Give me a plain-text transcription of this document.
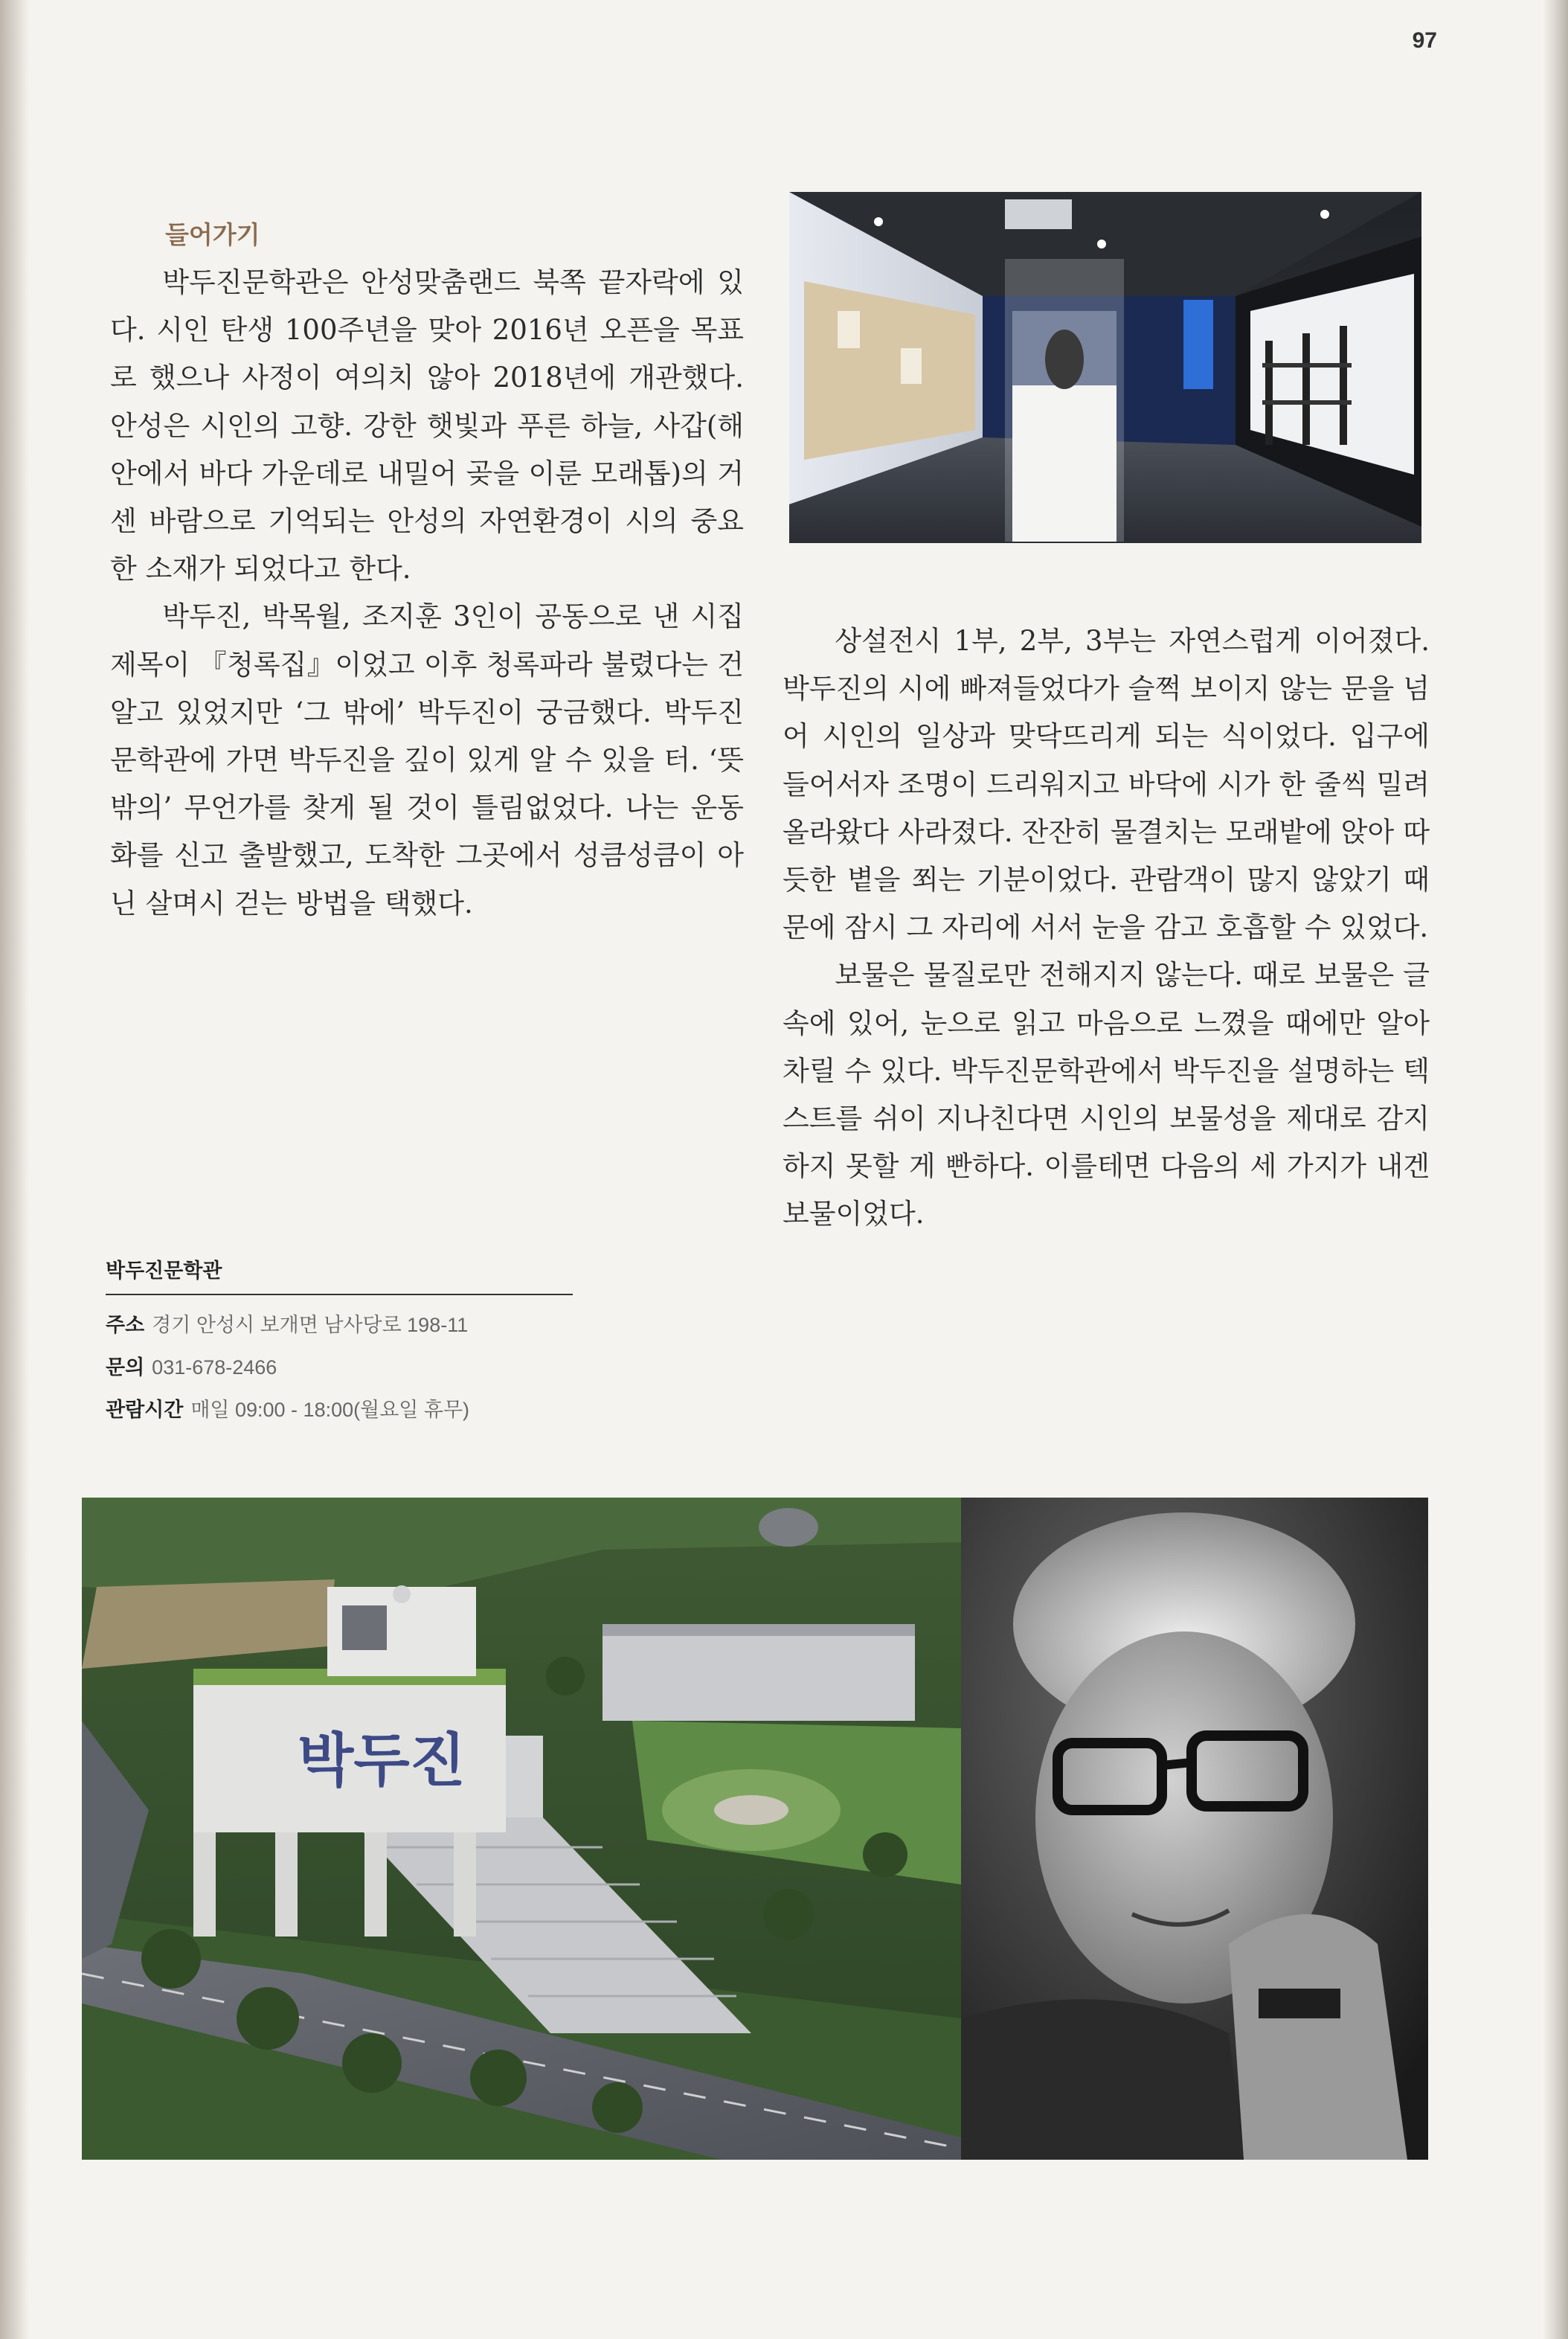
97
들어가기

박두진문학관은 안성맞춤랜드 북쪽 끝자락에 있다. 시인 탄생 100주년을 맞아 2016년 오픈을 목표로 했으나 사정이 여의치 않아 2018년에 개관했다. 안성은 시인의 고향. 강한 햇빛과 푸른 하늘, 사갑(해안에서 바다 가운데로 내밀어 곶을 이룬 모래톱)의 거센 바람으로 기억되는 안성의 자연환경이 시의 중요한 소재가 되었다고 한다.

박두진, 박목월, 조지훈 3인이 공동으로 낸 시집 제목이 『청록집』이었고 이후 청록파라 불렸다는 건 알고 있었지만 ‘그 밖에’ 박두진이 궁금했다. 박두진문학관에 가면 박두진을 깊이 있게 알 수 있을 터. ‘뜻밖의’ 무언가를 찾게 될 것이 틀림없었다. 나는 운동화를 신고 출발했고, 도착한 그곳에서 성큼성큼이 아닌 살며시 걷는 방법을 택했다.

상설전시 1부, 2부, 3부는 자연스럽게 이어졌다. 박두진의 시에 빠져들었다가 슬쩍 보이지 않는 문을 넘어 시인의 일상과 맞닥뜨리게 되는 식이었다. 입구에 들어서자 조명이 드리워지고 바닥에 시가 한 줄씩 밀려 올라왔다 사라졌다. 잔잔히 물결치는 모래밭에 앉아 따듯한 볕을 쬐는 기분이었다. 관람객이 많지 않았기 때문에 잠시 그 자리에 서서 눈을 감고 호흡할 수 있었다.

보물은 물질로만 전해지지 않는다. 때로 보물은 글 속에 있어, 눈으로 읽고 마음으로 느꼈을 때에만 알아차릴 수 있다. 박두진문학관에서 박두진을 설명하는 텍스트를 쉬이 지나친다면 시인의 보물성을 제대로 감지하지 못할 게 빤하다. 이를테면 다음의 세 가지가 내겐 보물이었다.

박두진문학관
주소 경기 안성시 보개면 남사당로 198-11
문의 031-678-2466
관람시간 매일 09:00 - 18:00(월요일 휴무)
박두진
